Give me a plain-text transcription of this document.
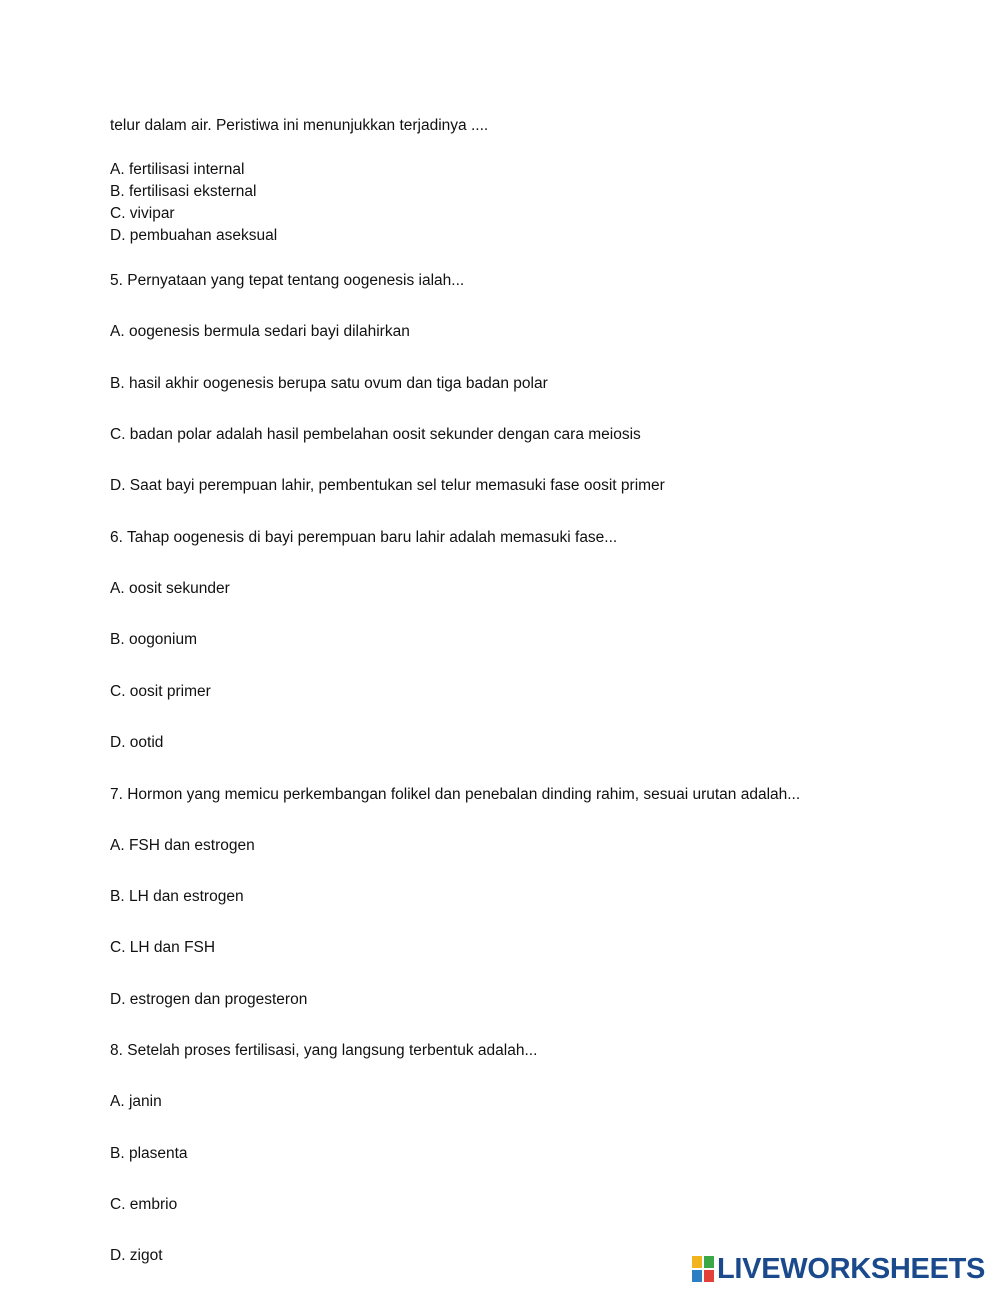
telur dalam air. Peristiwa ini menunjukkan terjadinya ....
A. fertilisasi internal
B. fertilisasi eksternal
C. vivipar
D. pembuahan aseksual
5. Pernyataan yang tepat tentang oogenesis ialah...
A. oogenesis bermula sedari bayi dilahirkan
B. hasil akhir oogenesis berupa satu ovum dan tiga badan polar
C. badan polar adalah hasil pembelahan oosit sekunder dengan cara meiosis
D. Saat bayi perempuan lahir, pembentukan sel telur memasuki fase oosit primer
6. Tahap oogenesis di bayi perempuan baru lahir adalah memasuki fase...
A. oosit sekunder
B. oogonium
C. oosit primer
D. ootid
7. Hormon yang memicu perkembangan folikel dan penebalan dinding rahim, sesuai urutan adalah...
A. FSH dan estrogen
B. LH dan estrogen
C. LH dan FSH
D. estrogen dan progesteron
8. Setelah proses fertilisasi, yang langsung terbentuk adalah...
A. janin
B. plasenta
C. embrio
D. zigot	LIVEWORKSHEETS
